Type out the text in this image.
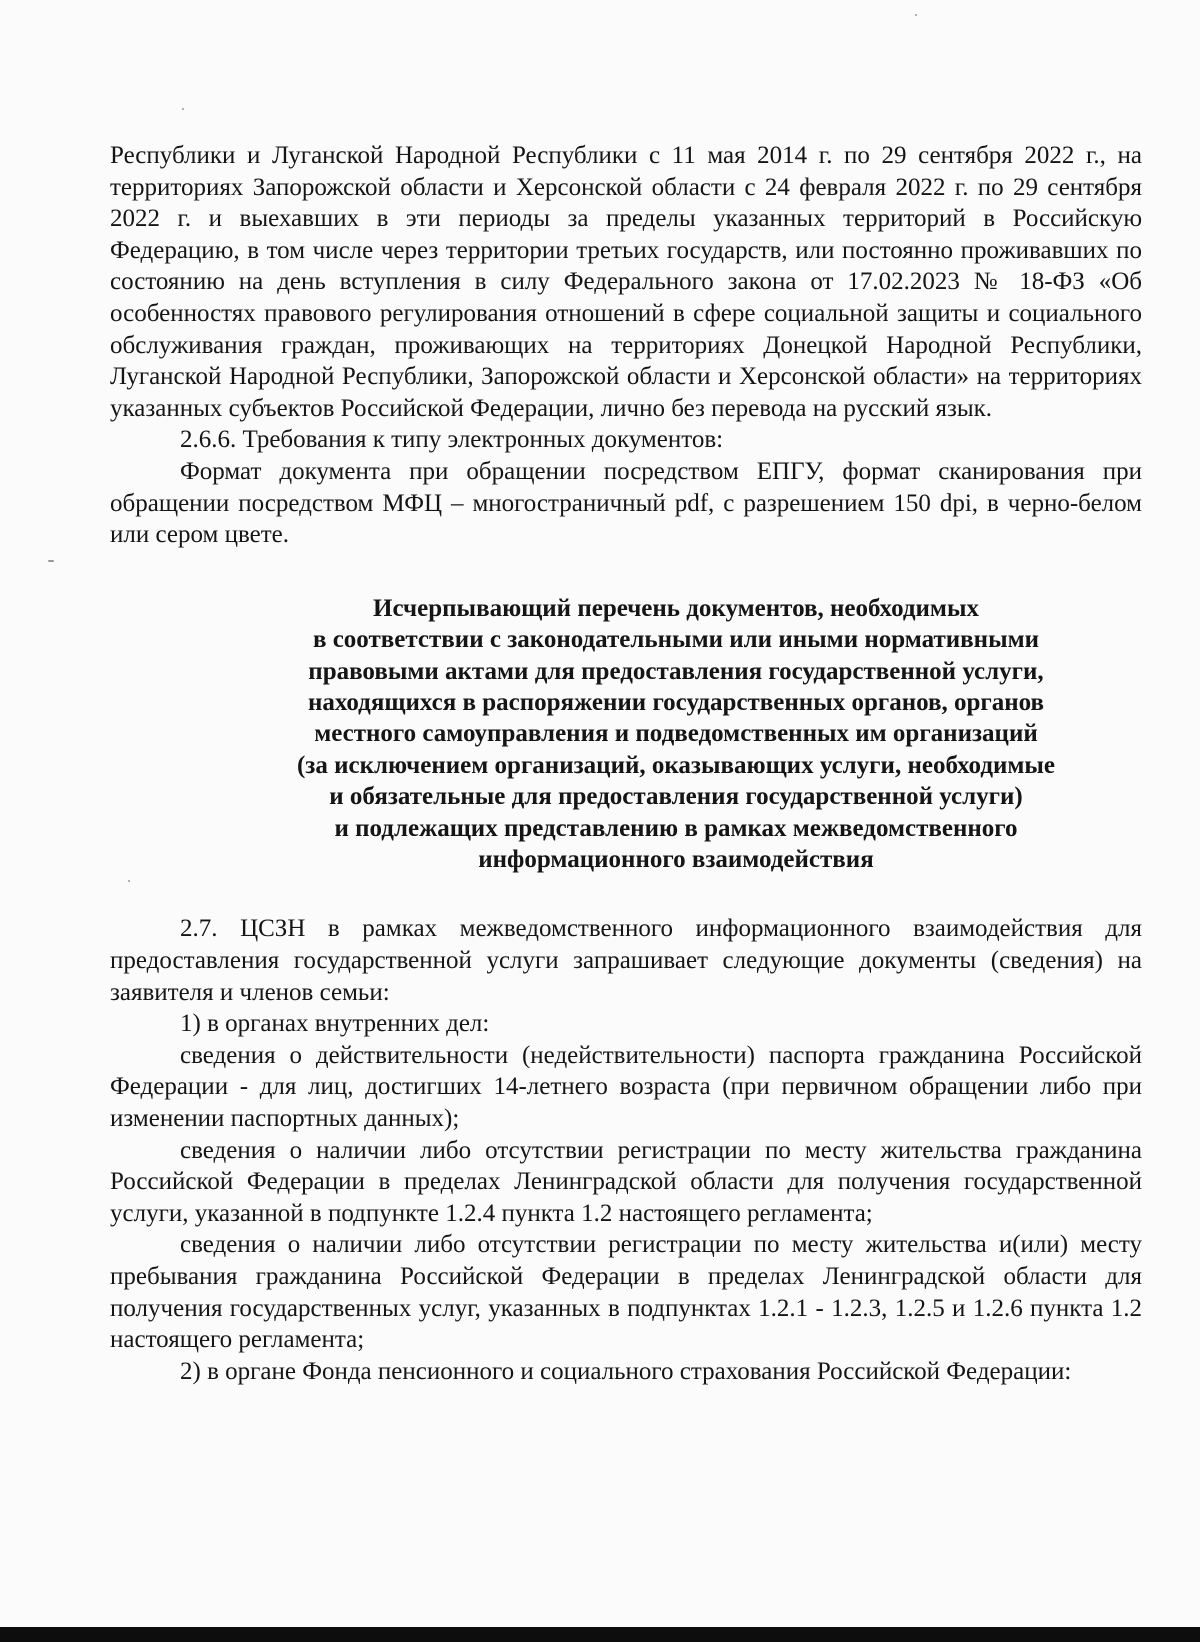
Республики и Луганской Народной Республики с 11 мая 2014 г. по 29 сентября 2022 г., на территориях Запорожской области и Херсонской области с 24 февраля 2022 г. по 29 сентября 2022 г. и выехавших в эти периоды за пределы указанных территорий в Российскую Федерацию, в том числе через территории третьих государств, или постоянно проживавших по состоянию на день вступления в силу Федерального закона от 17.02.2023 № 18-ФЗ «Об особенностях правового регулирования отношений в сфере социальной защиты и социального обслуживания граждан, проживающих на территориях Донецкой Народной Республики, Луганской Народной Республики, Запорожской области и Херсонской области» на территориях указанных субъектов Российской Федерации, лично без перевода на русский язык.

2.6.6. Требования к типу электронных документов:

Формат документа при обращении посредством ЕПГУ, формат сканирования при обращении посредством МФЦ – многостраничный pdf, с разрешением 150 dpi, в черно-белом или сером цвете.

Исчерпывающий перечень документов, необходимых
в соответствии с законодательными или иными нормативными
правовыми актами для предоставления государственной услуги,
находящихся в распоряжении государственных органов, органов
местного самоуправления и подведомственных им организаций
(за исключением организаций, оказывающих услуги, необходимые
и обязательные для предоставления государственной услуги)
и подлежащих представлению в рамках межведомственного
информационного взаимодействия

2.7. ЦСЗН в рамках межведомственного информационного взаимодействия для предоставления государственной услуги запрашивает следующие документы (сведения) на заявителя и членов семьи:

1) в органах внутренних дел:

сведения о действительности (недействительности) паспорта гражданина Российской Федерации - для лиц, достигших 14-летнего возраста (при первичном обращении либо при изменении паспортных данных);

сведения о наличии либо отсутствии регистрации по месту жительства гражданина Российской Федерации в пределах Ленинградской области для получения государственной услуги, указанной в подпункте 1.2.4 пункта 1.2 настоящего регламента;

сведения о наличии либо отсутствии регистрации по месту жительства и(или) месту пребывания гражданина Российской Федерации в пределах Ленинградской области для получения государственных услуг, указанных в подпунктах 1.2.1 - 1.2.3, 1.2.5 и 1.2.6 пункта 1.2 настоящего регламента;

2) в органе Фонда пенсионного и социального страхования Российской Федерации:
